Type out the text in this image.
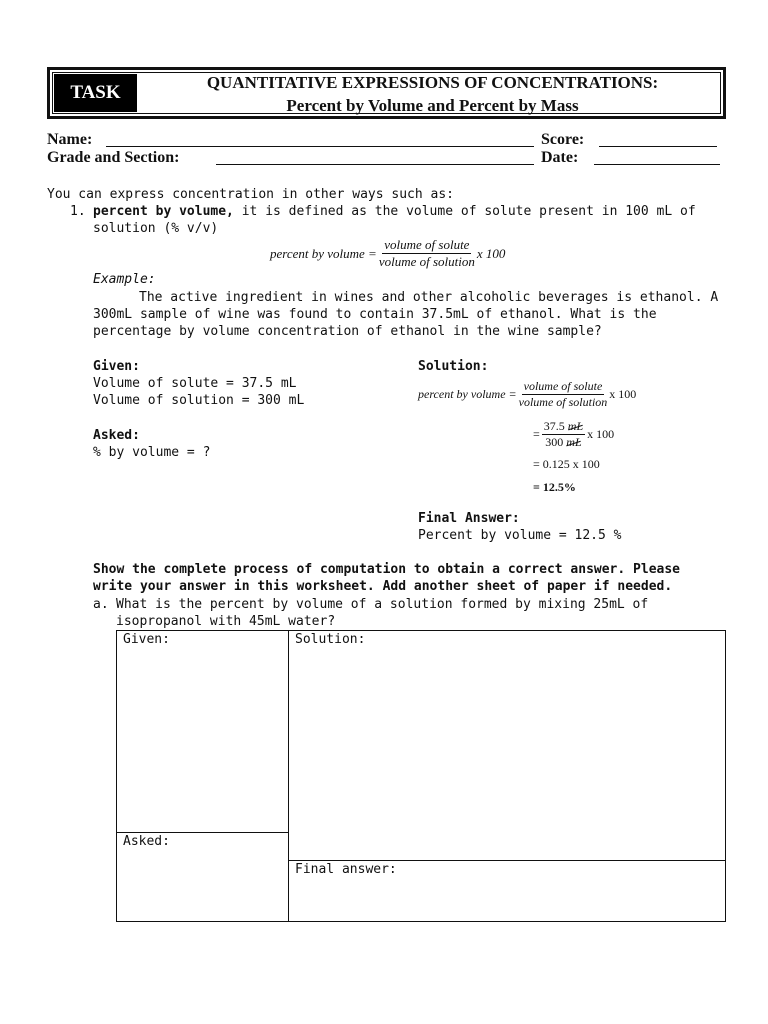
TASK	QUANTITATIVE EXPRESSIONS OF CONCENTRATIONS:
Percent by Volume and Percent by Mass
Name:	Score:
Grade and Section:	Date:
You can express concentration in other ways such as:
1. percent by volume, it is defined as the volume of solute present in 100 mL of
solution (% v/v)
percent by volume = $\frac{\text{volume of solute}}{\text{volume of solution}}$ x 100
Example:
The active ingredient in wines and other alcoholic beverages is ethanol. A
300mL sample of wine was found to contain 37.5mL of ethanol. What is the
percentage by volume concentration of ethanol in the wine sample?
Given:
Volume of solute = 37.5 mL
Volume of solution = 300 mL
Asked:
% by volume = ?
Solution:
percent by volume = $\frac{\text{volume of solute}}{\text{volume of solution}}$ x 100
= $\frac{37.5 mL}{300 mL}$ x 100
= 0.125 x 100
= 12.5%
Final Answer:
Percent by volume = 12.5 %
Show the complete process of computation to obtain a correct answer. Please
write your answer in this worksheet. Add another sheet of paper if needed.
a. What is the percent by volume of a solution formed by mixing 25mL of
isopropanol with 45mL water?
Given:	Solution:
Asked:
Final answer:
